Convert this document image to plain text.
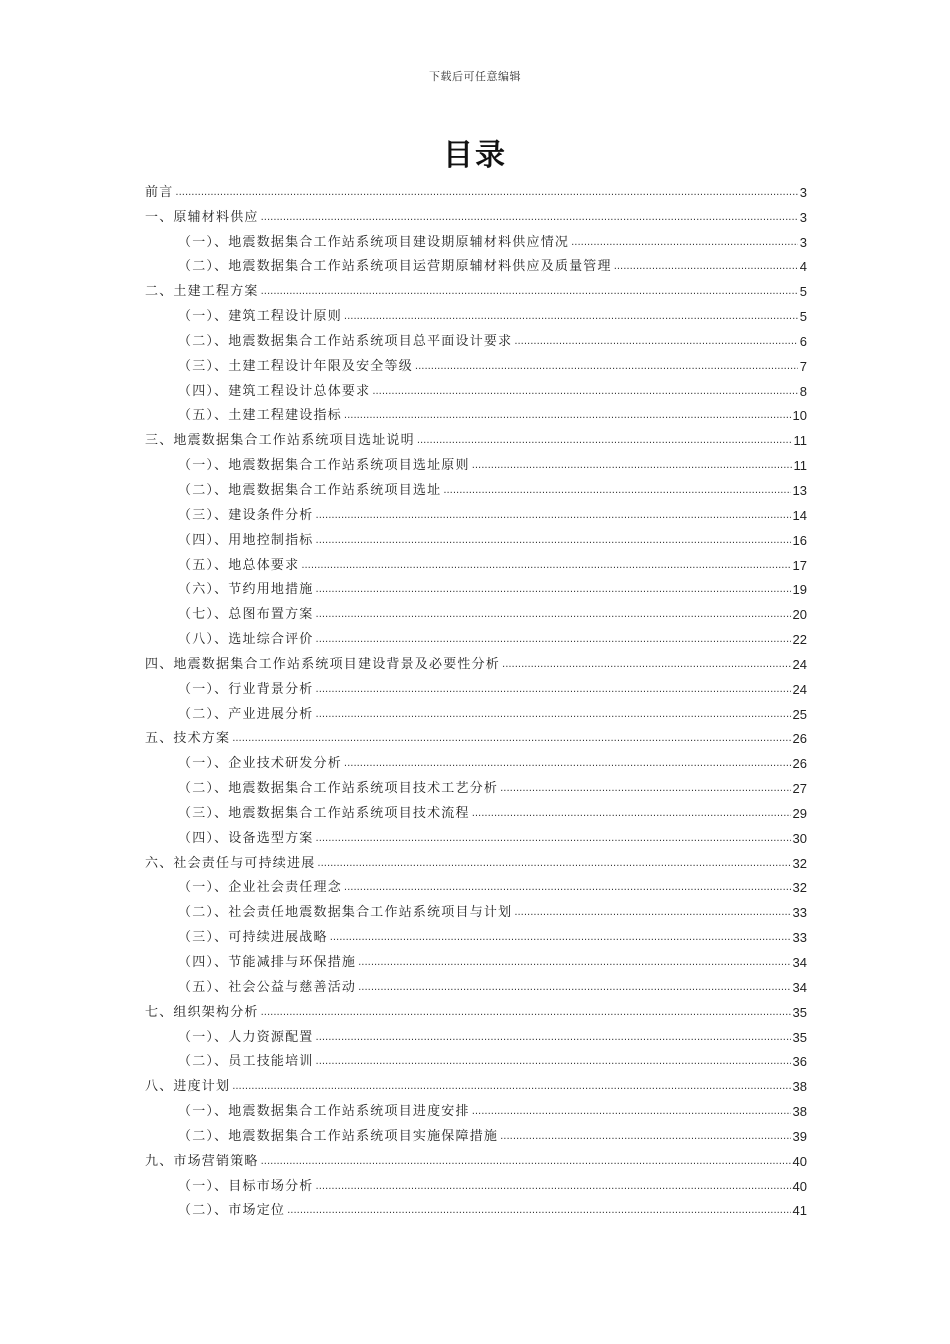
下载后可任意编辑
目录
前言 .....	3
一、原辅材料供应 .....	3
（一）、地震数据集合工作站系统项目建设期原辅材料供应情况 .....	3
（二）、地震数据集合工作站系统项目运营期原辅材料供应及质量管理 .....	4
二、土建工程方案 .....	5
（一）、建筑工程设计原则 .....	5
（二）、地震数据集合工作站系统项目总平面设计要求 .....	6
（三）、土建工程设计年限及安全等级 .....	7
（四）、建筑工程设计总体要求 .....	8
（五）、土建工程建设指标 .....	10
三、地震数据集合工作站系统项目选址说明 .....	11
（一）、地震数据集合工作站系统项目选址原则 .....	11
（二）、地震数据集合工作站系统项目选址 .....	13
（三）、建设条件分析 .....	14
（四）、用地控制指标 .....	16
（五）、地总体要求 .....	17
（六）、节约用地措施 .....	19
（七）、总图布置方案 .....	20
（八）、选址综合评价 .....	22
四、地震数据集合工作站系统项目建设背景及必要性分析 .....	24
（一）、行业背景分析 .....	24
（二）、产业进展分析 .....	25
五、技术方案 .....	26
（一）、企业技术研发分析 .....	26
（二）、地震数据集合工作站系统项目技术工艺分析 .....	27
（三）、地震数据集合工作站系统项目技术流程 .....	29
（四）、设备选型方案 .....	30
六、社会责任与可持续进展 .....	32
（一）、企业社会责任理念 .....	32
（二）、社会责任地震数据集合工作站系统项目与计划 .....	33
（三）、可持续进展战略 .....	33
（四）、节能减排与环保措施 .....	34
（五）、社会公益与慈善活动 .....	34
七、组织架构分析 .....	35
（一）、人力资源配置 .....	35
（二）、员工技能培训 .....	36
八、进度计划 .....	38
（一）、地震数据集合工作站系统项目进度安排 .....	38
（二）、地震数据集合工作站系统项目实施保障措施 .....	39
九、市场营销策略 .....	40
（一）、目标市场分析 .....	40
（二）、市场定位 .....	41
